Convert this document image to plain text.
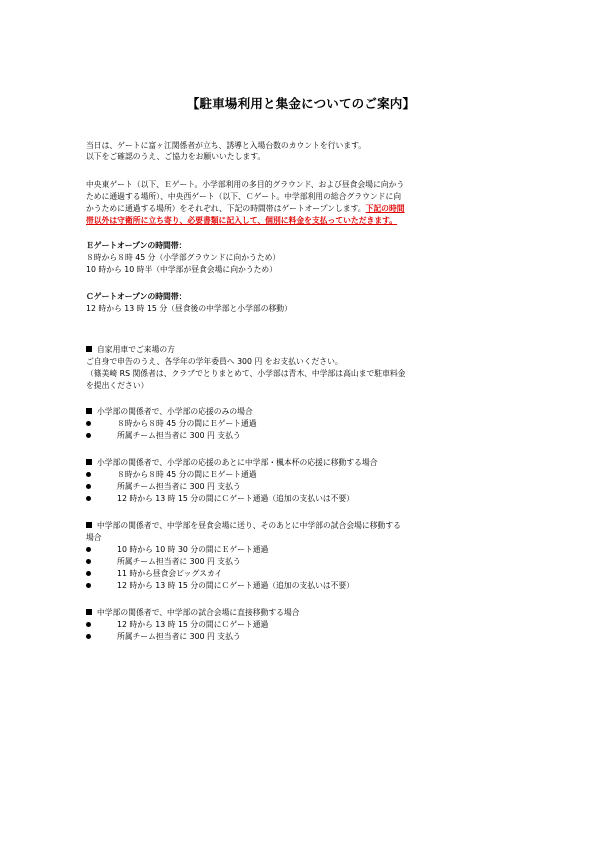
【駐車場利用と集金についてのご案内】
当日は、ゲートに富ヶ江関係者が立ち、誘導と入場台数のカウントを行います。
以下をご確認のうえ、ご協力をお願いいたします。
中央東ゲート（以下、Ｅゲート。小学部利用の多目的グラウンド、および昼食会場に向かう
ために通過する場所）、中央西ゲート（以下、Ｃゲート。中学部利用の総合グラウンドに向
かうために通過する場所）をそれぞれ、下記の時間帯はゲートオープンします。下記の時間
帯以外は守衛所に立ち寄り、必要書類に記入して、個別に料金を支払っていただきます。
Ｅゲートオープンの時間帯：
８時から８時 45 分（小学部グラウンドに向かうため）
10 時から 10 時半（中学部が昼食会場に向かうため）
Ｃゲートオープンの時間帯：
12 時から 13 時 15 分（昼食後の中学部と小学部の移動）
自家用車でご来場の方
ご自身で申告のうえ、各学年の学年委員へ 300 円 をお支払いください。
（篠美崎 RS 関係者は、クラブでとりまとめて、小学部は青木、中学部は高山まで駐車料金
を提出ください）
小学部の関係者で、小学部の応援のみの場合
８時から８時 45 分の間にＥゲート通過
所属チーム担当者に 300 円 支払う
小学部の関係者で、小学部の応援のあとに中学部・楓本杯の応援に移動する場合
８時から８時 45 分の間にＥゲート通過
所属チーム担当者に 300 円 支払う
12 時から 13 時 15 分の間にＣゲート通過（追加の支払いは不要）
中学部の関係者で、中学部を昼食会場に送り、そのあとに中学部の試合会場に移動する
場合
10 時から 10 時 30 分の間にＥゲート通過
所属チーム担当者に 300 円 支払う
11 時から昼食会ビッグスカイ
12 時から 13 時 15 分の間にＣゲート通過（追加の支払いは不要）
中学部の関係者で、中学部の試合会場に直接移動する場合
12 時から 13 時 15 分の間にＣゲート通過
所属チーム担当者に 300 円 支払う
